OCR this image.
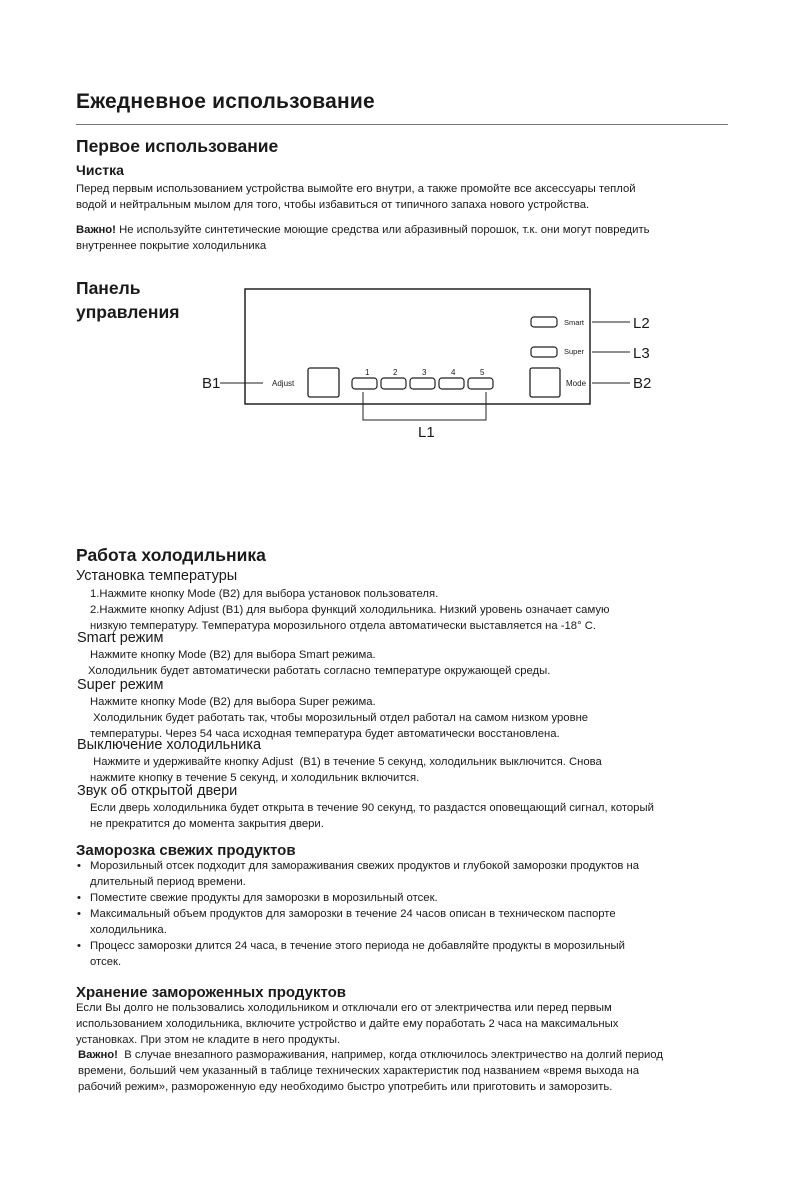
Ежедневное использование
Первое использование
Чистка
Перед первым использованием устройства вымойте его внутри, а также промойте все аксессуары теплой
водой и нейтральным мылом для того, чтобы избавиться от типичного запаха нового устройства.
Важно! Не используйте синтетические моющие средства или абразивный порошок, т.к. они могут повредить
внутреннее покрытие холодильника
Панель
управления
B1	Adjust
1	2	3	4	5
L1
Smart	L2
Super	L3
Mode	B2
Работа холодильника
Установка температуры
1.Нажмите кнопку Mode (B2) для выбора установок пользователя.
2.Нажмите кнопку Adjust (B1) для выбора функций холодильника. Низкий уровень означает самую
низкую температуру. Температура морозильного отдела автоматически выставляется на -18° C.
Smart режим
Нажмите кнопку Mode (B2) для выбора Smart режима.
Холодильник будет автоматически работать согласно температуре окружающей среды.
Super режим
Нажмите кнопку Mode (B2) для выбора Super режима.
Холодильник будет работать так, чтобы морозильный отдел работал на самом низком уровне
температуры. Через 54 часа исходная температура будет автоматически восстановлена.
Выключение холодильника
Нажмите и удерживайте кнопку Adjust  (B1) в течение 5 секунд, холодильник выключится. Снова
нажмите кнопку в течение 5 секунд, и холодильник включится.
Звук об открытой двери
Если дверь холодильника будет открыта в течение 90 секунд, то раздастся оповещающий сигнал, который
не прекратится до момента закрытия двери.
Заморозка свежих продуктов
• Морозильный отсек подходит для замораживания свежих продуктов и глубокой заморозки продуктов на
длительный период времени.
• Поместите свежие продукты для заморозки в морозильный отсек.
• Максимальный объем продуктов для заморозки в течение 24 часов описан в техническом паспорте
холодильника.
• Процесс заморозки длится 24 часа, в течение этого периода не добавляйте продукты в морозильный
отсек.
Хранение замороженных продуктов
Если Вы долго не пользовались холодильником и отключали его от электричества или перед первым
использованием холодильника, включите устройство и дайте ему поработать 2 часа на максимальных
установках. При этом не кладите в него продукты.
Важно!  В случае внезапного размораживания, например, когда отключилось электричество на долгий период
времени, больший чем указанный в таблице технических характеристик под названием «время выхода на
рабочий режим», размороженную еду необходимо быстро употребить или приготовить и заморозить.
